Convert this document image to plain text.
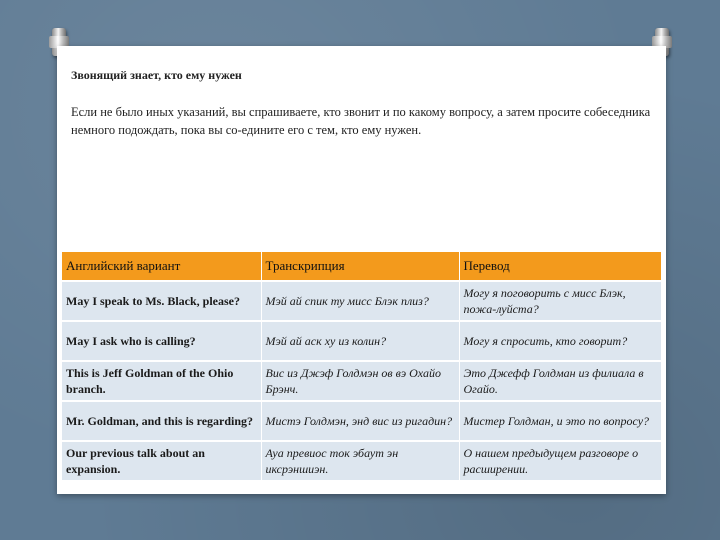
Звонящий знает, кто ему нужен

Если не было иных указаний, вы спрашиваете, кто звонит и по какому вопросу, а затем просите собеседника немного подождать, пока вы со-едините его с тем, кто ему нужен.

Английский вариант	Транскрипция	Перевод
May I speak to Ms. Black, please?	Мэй ай спик ту мисс Блэк плиз?	Могу я поговорить с мисс Блэк, пожа-луйста?
May I ask who is calling?	Мэй ай аск ху из колин?	Могу я спросить, кто говорит?
This is Jeff Goldman of the Ohio branch.	Вис из Джэф Голдмэн ов вэ Охайо Брэнч.	Это Джефф Голдман из филиала в Огайо.
Mr. Goldman, and this is regarding?	Мистэ Голдмэн, энд вис из ригадин?	Мистер Голдман, и это по вопросу?
Our previous talk about an expansion.	Ауа превиос ток эбаут эн иксрэншиэн.	О нашем предыдущем разговоре о расширении.
